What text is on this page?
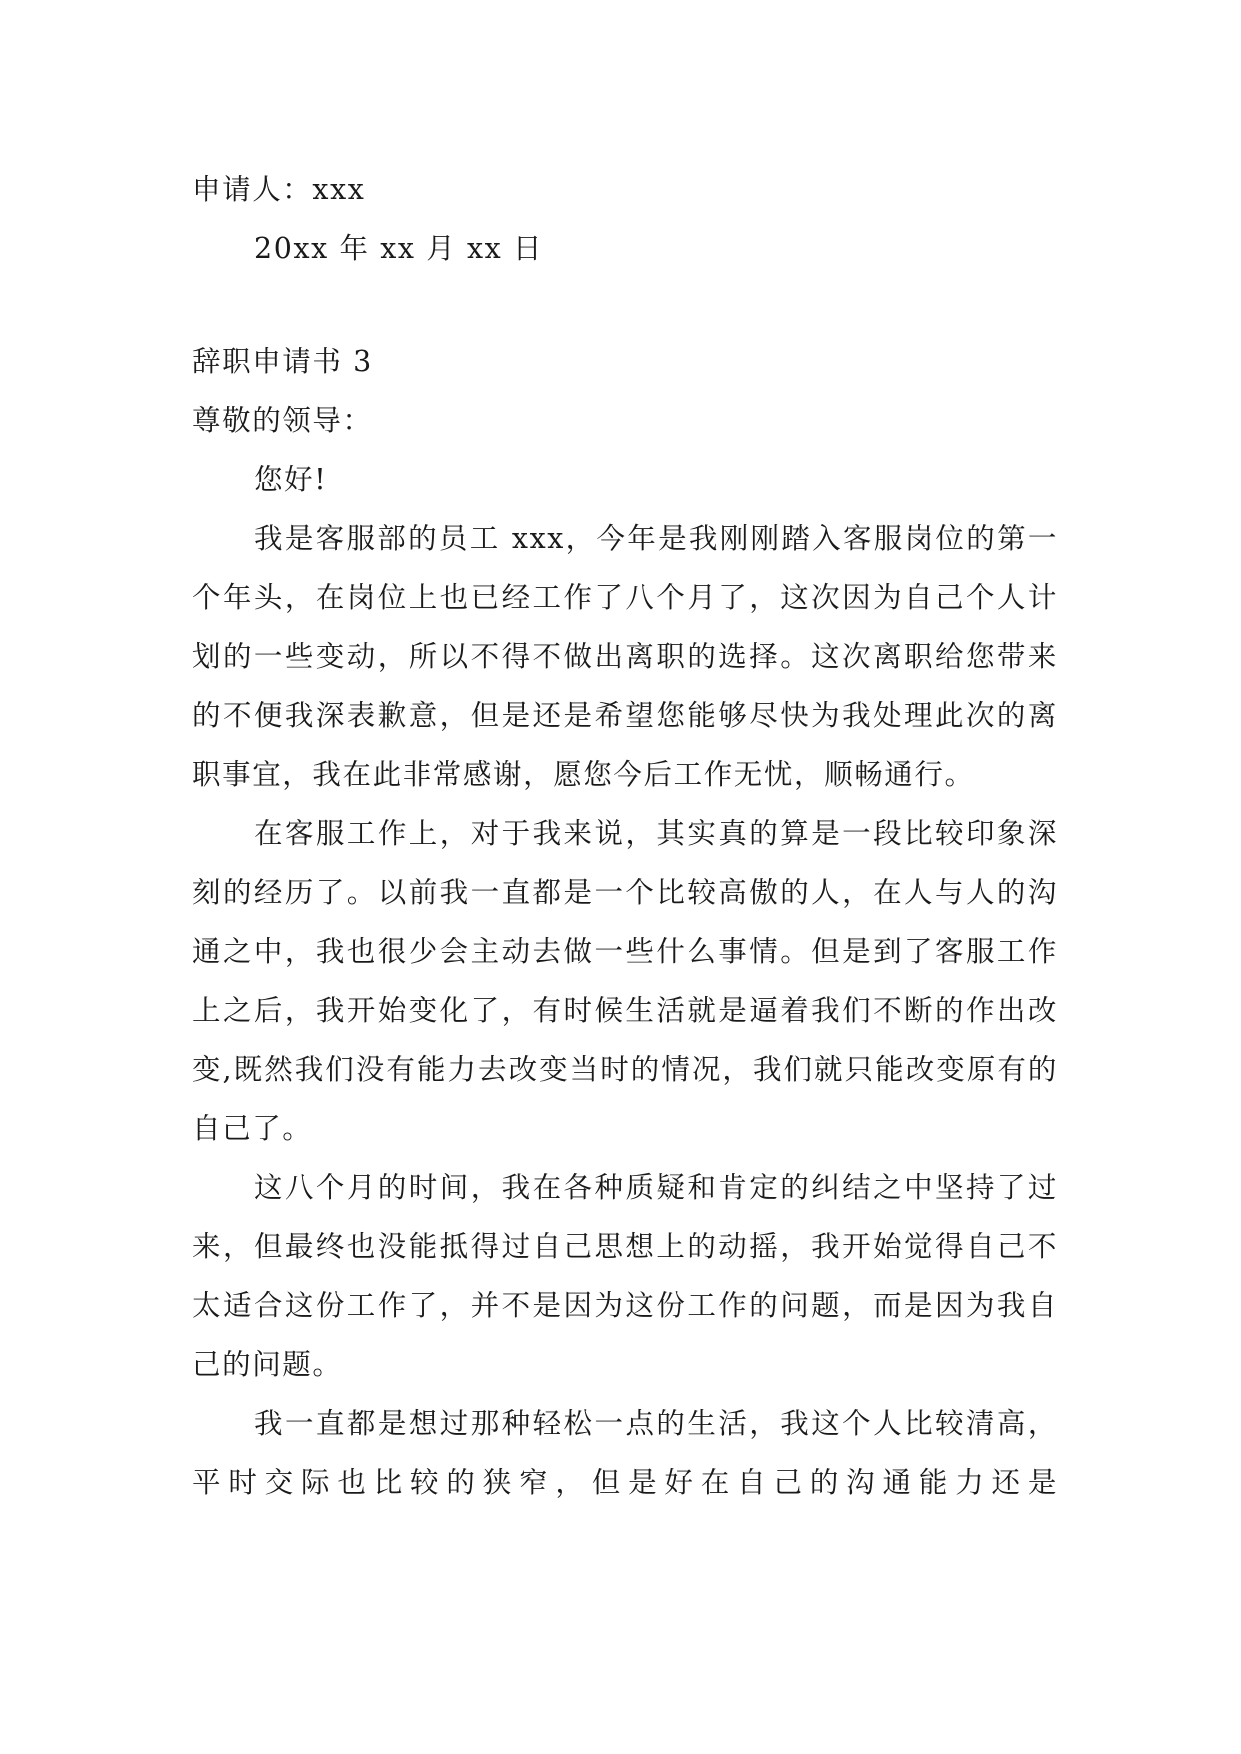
申请人：xxx
20xx 年 xx 月 xx 日
辞职申请书 3
尊敬的领导：
您好!

我是客服部的员工 xxx，今年是我刚刚踏入客服岗位的第一个年头，在岗位上也已经工作了八个月了，这次因为自己个人计划的一些变动，所以不得不做出离职的选择。这次离职给您带来的不便我深表歉意，但是还是希望您能够尽快为我处理此次的离职事宜，我在此非常感谢，愿您今后工作无忧，顺畅通行。

在客服工作上，对于我来说，其实真的算是一段比较印象深刻的经历了。以前我一直都是一个比较高傲的人，在人与人的沟通之中，我也很少会主动去做一些什么事情。但是到了客服工作上之后，我开始变化了，有时候生活就是逼着我们不断的作出改变,既然我们没有能力去改变当时的情况，我们就只能改变原有的自己了。

这八个月的时间，我在各种质疑和肯定的纠结之中坚持了过来，但最终也没能抵得过自己思想上的动摇，我开始觉得自己不太适合这份工作了，并不是因为这份工作的问题，而是因为我自己的问题。

我一直都是想过那种轻松一点的生活，我这个人比较清高，平时交际也比较的狭窄，但是好在自己的沟通能力还是
